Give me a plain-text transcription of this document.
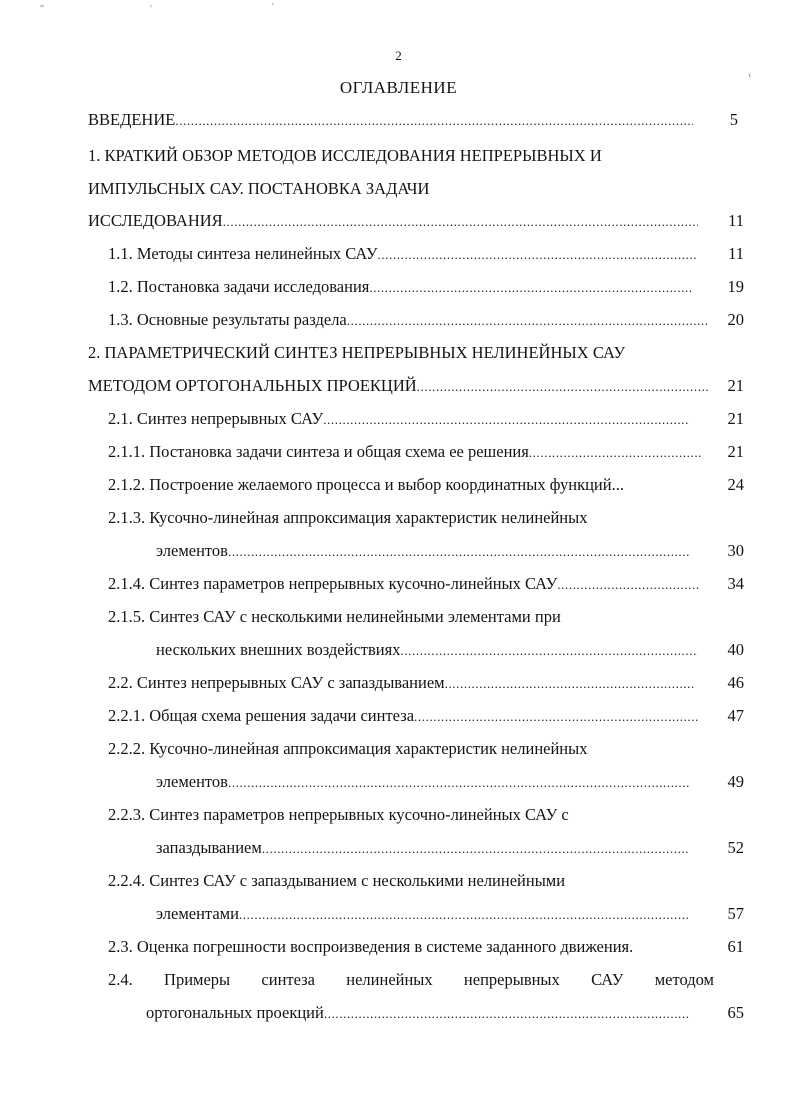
"	'	'
‹
2
ОГЛАВЛЕНИЕ
ВВЕДЕНИЕ .....	5
1. КРАТКИЙ ОБЗОР МЕТОДОВ ИССЛЕДОВАНИЯ НЕПРЕРЫВНЫХ И
ИМПУЛЬСНЫХ САУ. ПОСТАНОВКА ЗАДАЧИ
ИССЛЕДОВАНИЯ .....	11
1.1. Методы синтеза нелинейных САУ .....	11
1.2. Постановка задачи исследования .....	19
1.3. Основные результаты раздела .....	20
2. ПАРАМЕТРИЧЕСКИЙ СИНТЕЗ НЕПРЕРЫВНЫХ НЕЛИНЕЙНЫХ САУ
МЕТОДОМ ОРТОГОНАЛЬНЫХ ПРОЕКЦИЙ .....	21
2.1. Синтез непрерывных САУ .....	21
2.1.1. Постановка задачи синтеза и общая схема ее решения .....	21
2.1.2. Построение желаемого процесса и выбор координатных функций...	24
2.1.3. Кусочно-линейная аппроксимация характеристик нелинейных
элементов .....	30
2.1.4. Синтез параметров непрерывных кусочно-линейных САУ .....	34
2.1.5. Синтез САУ с несколькими нелинейными элементами при
нескольких внешних воздействиях .....	40
2.2. Синтез непрерывных САУ с запаздыванием .....	46
2.2.1. Общая схема решения задачи синтеза .....	47
2.2.2. Кусочно-линейная аппроксимация характеристик нелинейных
элементов .....	49
2.2.3. Синтез параметров непрерывных кусочно-линейных САУ с
запаздыванием .....	52
2.2.4. Синтез САУ с запаздыванием с несколькими нелинейными
элементами .....	57
2.3. Оценка погрешности воспроизведения в системе заданного движения.	61
2.4. Примеры синтеза нелинейных непрерывных САУ методом
ортогональных проекций .....	65
